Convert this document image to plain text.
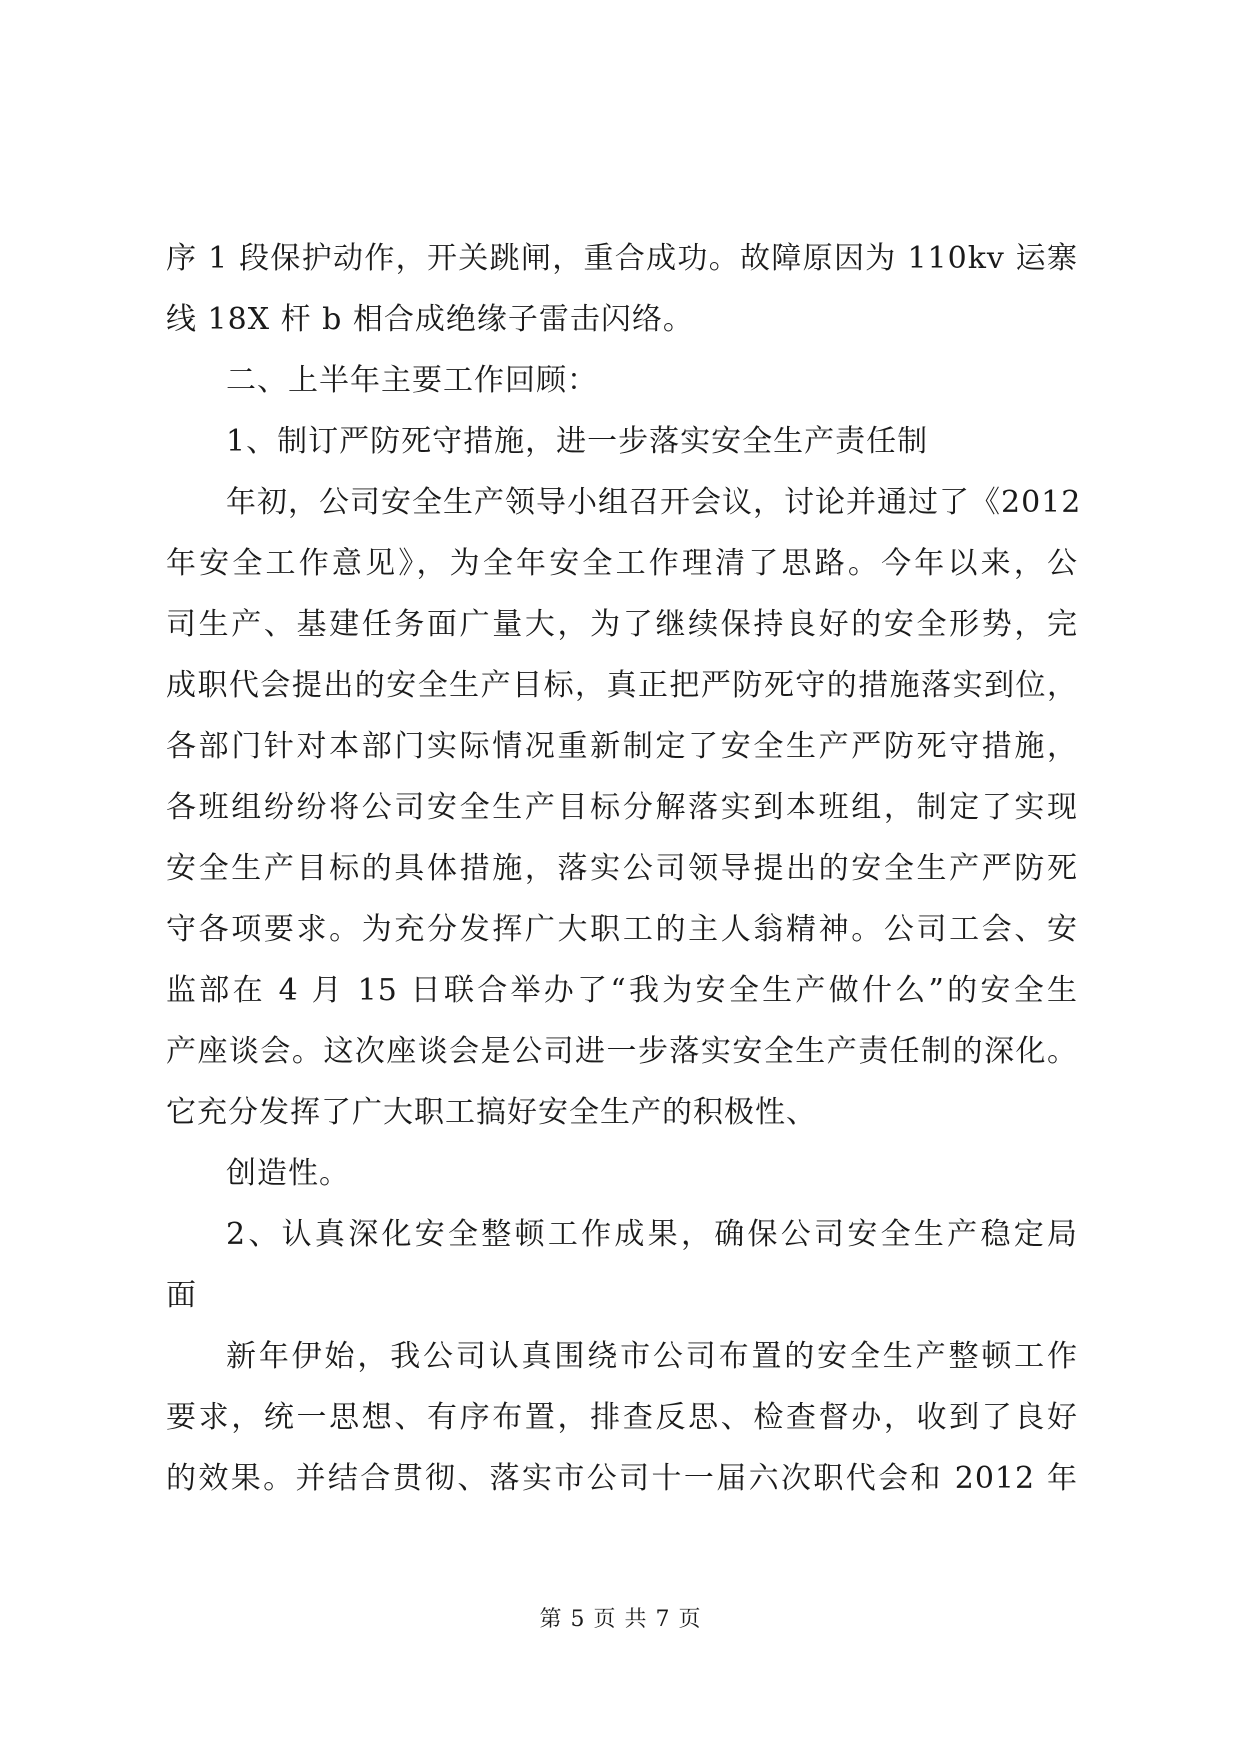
序 1 段保护动作，开关跳闸，重合成功。故障原因为 110kv 运寨
线 18X 杆 b 相合成绝缘子雷击闪络。
二、上半年主要工作回顾：
1、制订严防死守措施，进一步落实安全生产责任制
年初，公司安全生产领导小组召开会议，讨论并通过了《2012
年安全工作意见》，为全年安全工作理清了思路。今年以来，公
司生产、基建任务面广量大，为了继续保持良好的安全形势，完
成职代会提出的安全生产目标，真正把严防死守的措施落实到位，
各部门针对本部门实际情况重新制定了安全生产严防死守措施，
各班组纷纷将公司安全生产目标分解落实到本班组，制定了实现
安全生产目标的具体措施，落实公司领导提出的安全生产严防死
守各项要求。为充分发挥广大职工的主人翁精神。公司工会、安
监部在 4 月 15 日联合举办了“我为安全生产做什么”的安全生
产座谈会。这次座谈会是公司进一步落实安全生产责任制的深化。
它充分发挥了广大职工搞好安全生产的积极性、
创造性。
2、认真深化安全整顿工作成果，确保公司安全生产稳定局
面
新年伊始，我公司认真围绕市公司布置的安全生产整顿工作
要求，统一思想、有序布置，排查反思、检查督办，收到了良好
的效果。并结合贯彻、落实市公司十一届六次职代会和 2012 年
第 5 页 共 7 页
